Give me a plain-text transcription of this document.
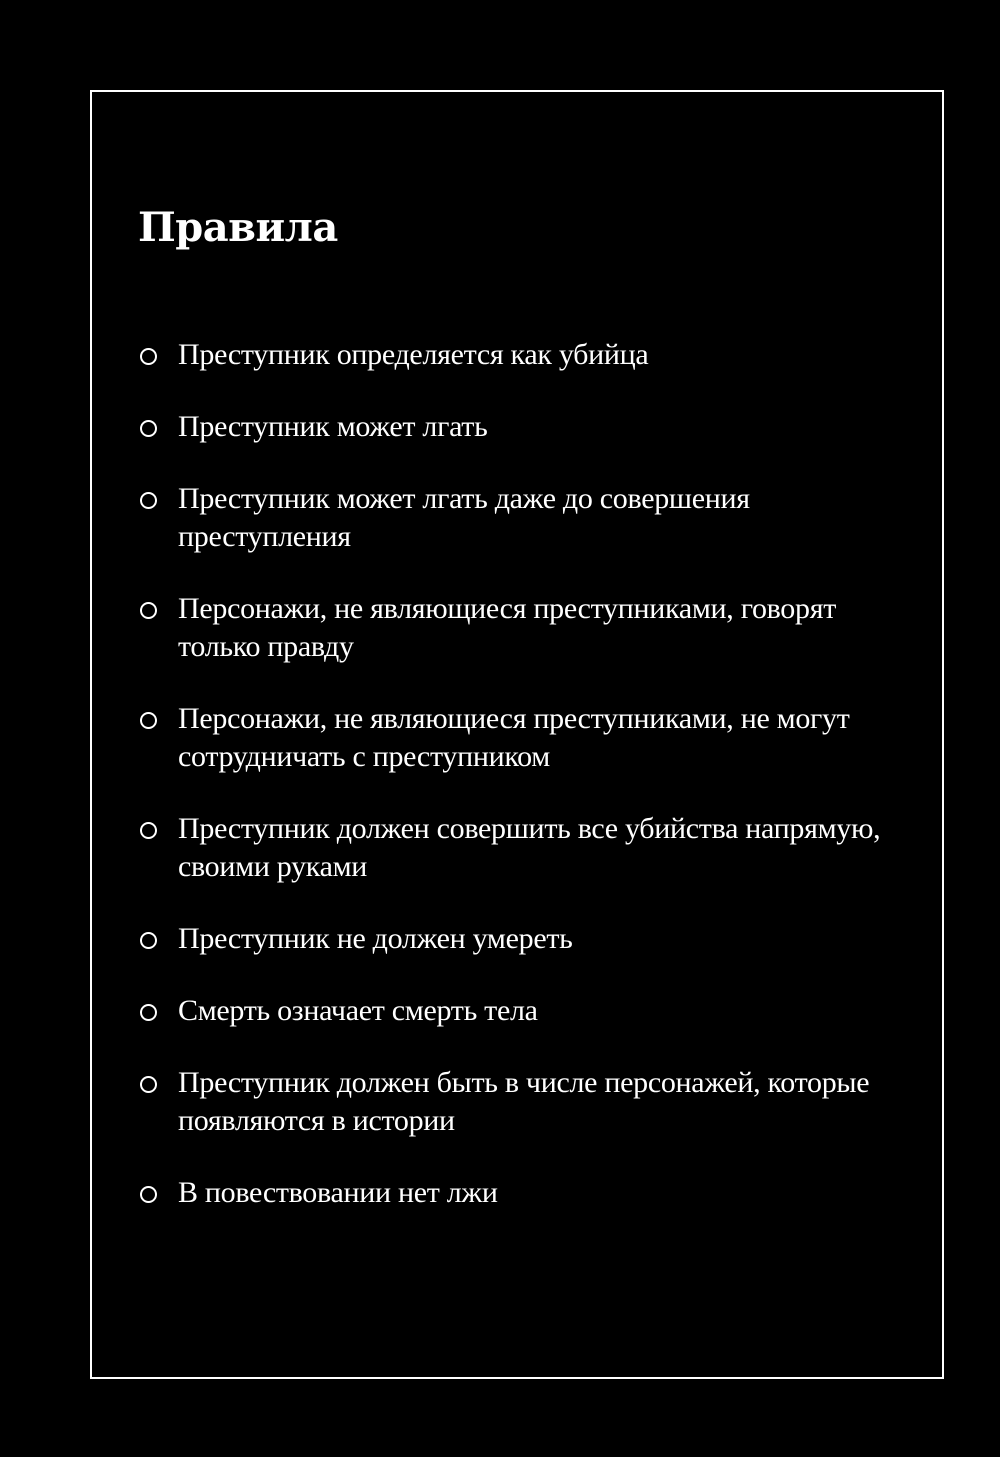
Правила
Преступник определяется как убийца
Преступник может лгать
Преступник может лгать даже до совершения преступления
Персонажи, не являющиеся преступниками, говорят только правду
Персонажи, не являющиеся преступниками, не могут сотрудничать с преступником
Преступник должен совершить все убийства напрямую, своими руками
Преступник не должен умереть
Смерть означает смерть тела
Преступник должен быть в числе персонажей, которые появляются в истории
В повествовании нет лжи
